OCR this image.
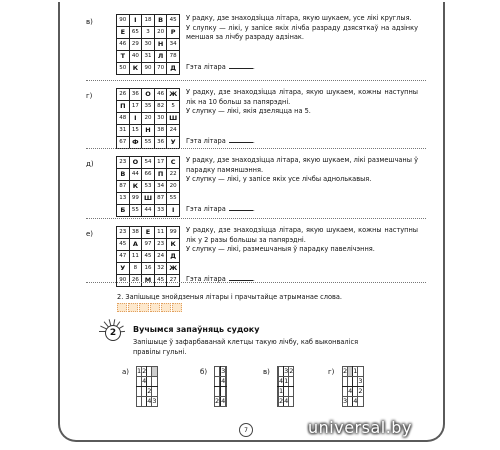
в)	90	І	18	В	45
Е	65	3	20	Р
46	29	30	Н	34
Т	40	31	Л	78
50	К	90	70	Д

У радку, дзе знаходзіцца літара, якую шукаем, усе лікі круглыя.

У слупку — лікі, у запісе якіх лічба разраду дзясяткаў на адзінку меншая за лічбу разраду адзінак.

Гэта літара	.
г)	26	36	О	46	Ж
П	17	35	82	5
48	І	20	30	Ш
31	15	Н	38	24
67	Ф	55	36	У

У радку, дзе знаходзіцца літара, якую шукаем, кожны наступны лік на 10 больш за папярэдні.

У слупку — лікі, якія дзеляцца на 5.

Гэта літара	.
д)	23	О	54	17	С
В	44	66	П	22
87	К	53	34	20
13	99	Ш	87	55
Б	55	44	33	І

У радку, дзе знаходзіцца літара, якую шукаем, лікі размешчаны ў парадку памяншэння.

У слупку — лікі, у запісе якіх усе лічбы аднолькавыя.

Гэта літара	.
е)	23	38	Е	11	99
45	А	97	23	К
47	11	45	24	Д
У	8	16	32	Ж
90	26	М	45	27

У радку, дзе знаходзіцца літара, якую шукаем, кожны наступны лік у 2 разы большы за папярэдні.

У слупку — лікі, размешчаныя ў парадку павелічэння.

Гэта літара	.
2. Запішыце знойдзеныя літары і прачытайце атрыманае слова.
2	Вучымся запаўняць судоку
Запішыце ў зафарбаванай клетцы такую лічбу, каб выконваліся правілы гульні.
а) 1	2		
	4		
		2	
		4	3
б)
		3	
		4	

2		4	
в)
		3	2
	4	1	
	1		
	2	4	
г) 2		1	
			3
	4		2
3		4	
7	universal.by
